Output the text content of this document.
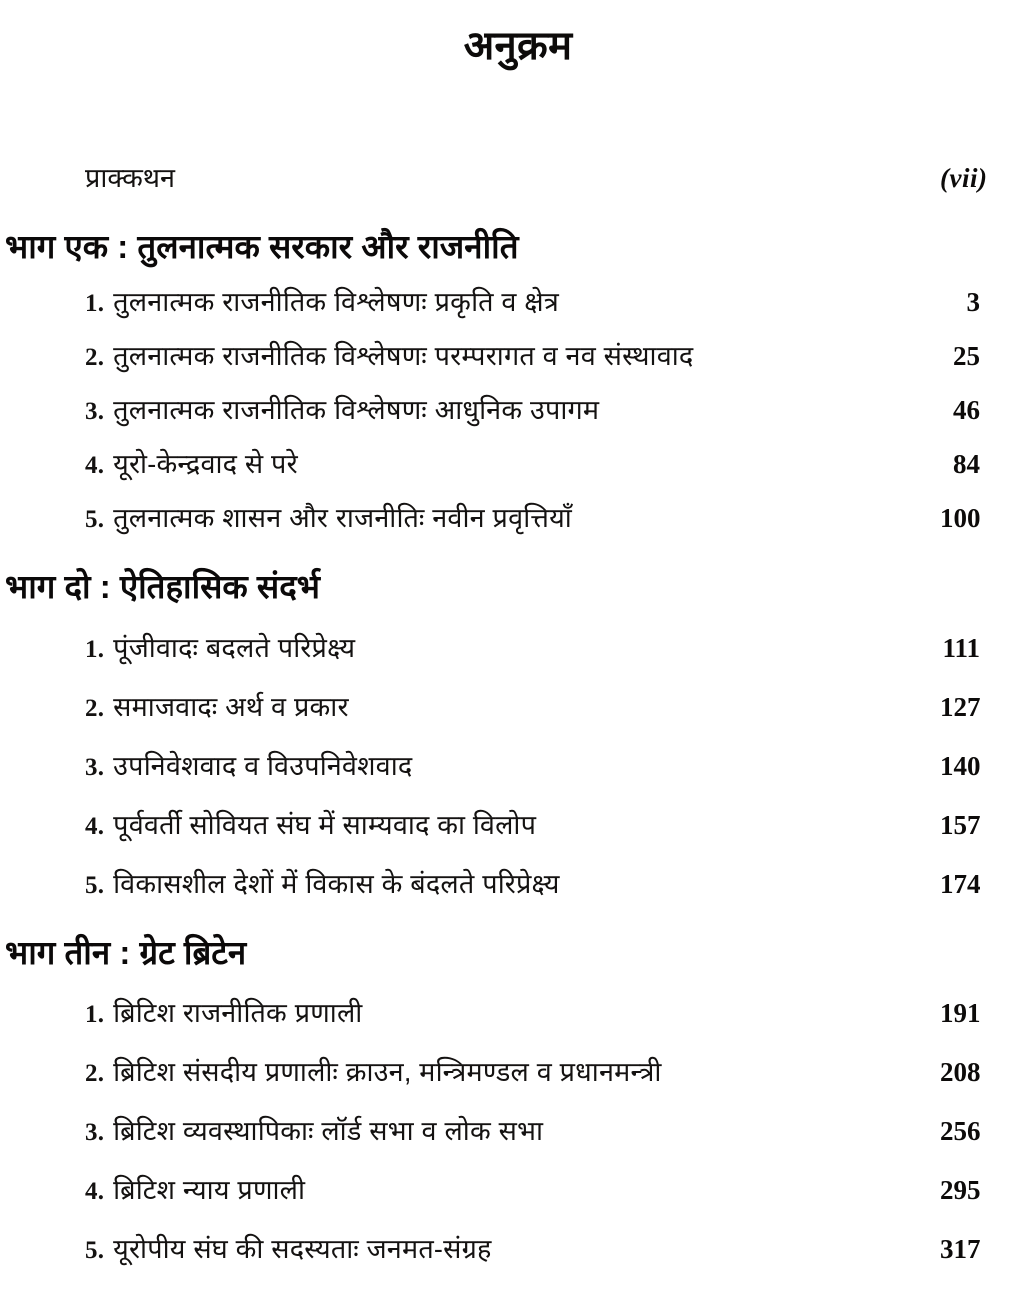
अनुक्रम
प्राक्कथन	(vii)
भाग एक : तुलनात्मक सरकार और राजनीति
1. तुलनात्मक राजनीतिक विश्लेषणः प्रकृति व क्षेत्र	3
2. तुलनात्मक राजनीतिक विश्लेषणः परम्परागत व नव संस्थावाद	25
3. तुलनात्मक राजनीतिक विश्लेषणः आधुनिक उपागम	46
4. यूरो-केन्द्रवाद से परे	84
5. तुलनात्मक शासन और राजनीतिः नवीन प्रवृत्तियाँ	100
भाग दो : ऐतिहासिक संदर्भ
1. पूंजीवादः बदलते परिप्रेक्ष्य	111
2. समाजवादः अर्थ व प्रकार	127
3. उपनिवेशवाद व विउपनिवेशवाद	140
4. पूर्ववर्ती सोवियत संघ में साम्यवाद का विलोप	157
5. विकासशील देशों में विकास के बंदलते परिप्रेक्ष्य	174
भाग तीन : ग्रेट ब्रिटेन
1. ब्रिटिश राजनीतिक प्रणाली	191
2. ब्रिटिश संसदीय प्रणालीः क्राउन, मन्त्रिमण्डल व प्रधानमन्त्री	208
3. ब्रिटिश व्यवस्थापिकाः लॉर्ड सभा व लोक सभा	256
4. ब्रिटिश न्याय प्रणाली	295
5. यूरोपीय संघ की सदस्यताः जनमत-संग्रह	317
